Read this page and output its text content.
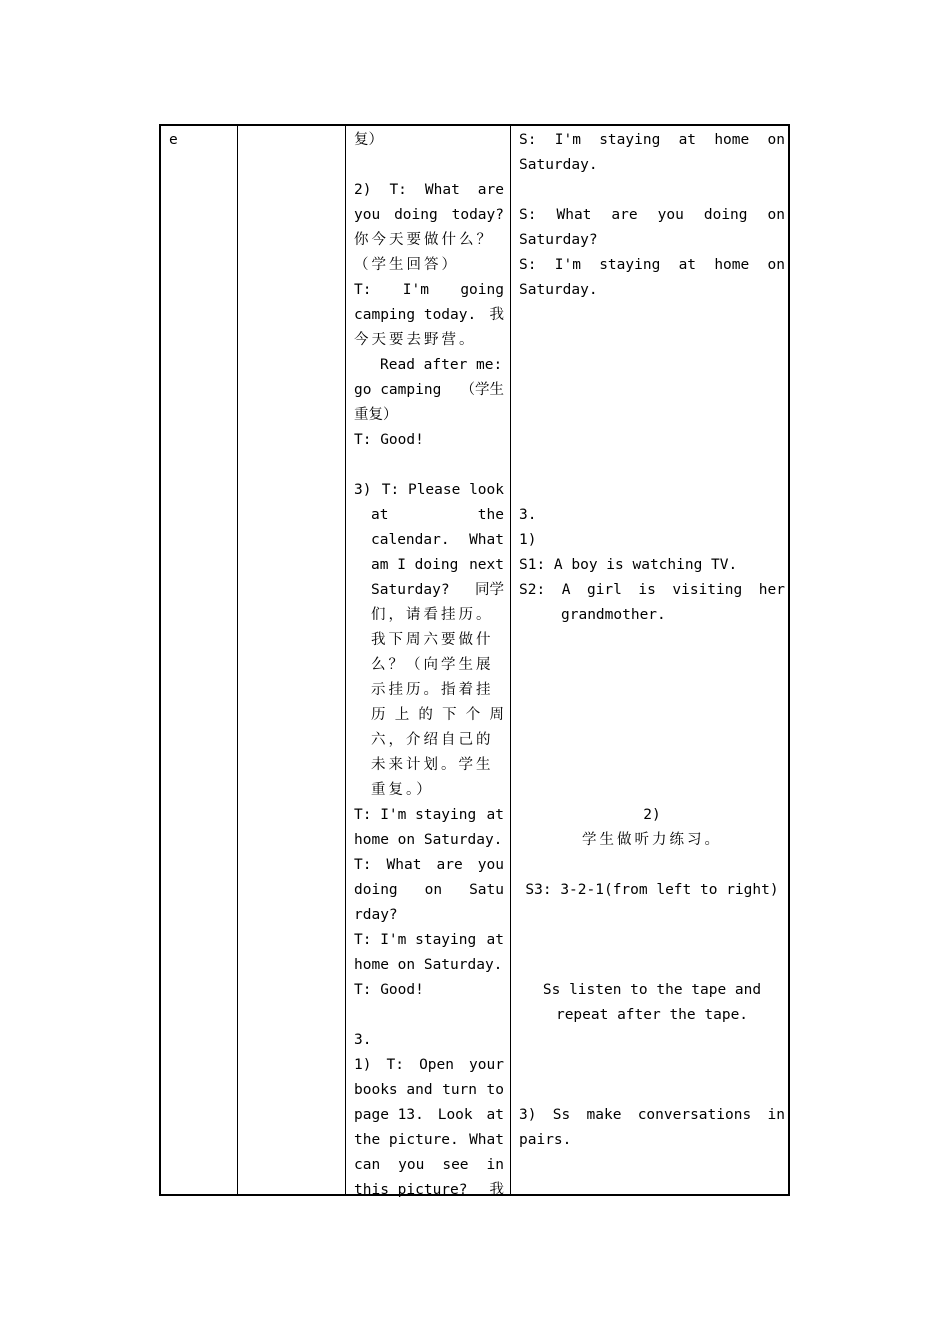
e	复）
2) T: What are
you doing today?
你今天要做什么？
（学生回答）
T: I'm going
camping today. 我
今天要去野营。
Read after me:
go camping （学生
重复）
T: Good!
3) T: Please look
at	the
calendar. What
am I doing next
Saturday? 同学
们，请看挂历。
我下周六要做什
么？（向学生展
示挂历。指着挂
历 上 的 下 个 周
六，介绍自己的
未来计划。学生
重复。）
T: I'm staying at
home on Saturday.
T: What are you
doing on Satu
rday?
T: I'm staying at
home on Saturday.
T: Good!
3.
1) T: Open your
books and turn to
page 13. Look at
the picture. What
can you see in
this picture? 我
S: I'm staying at home on
Saturday.
S: What are you doing on
Saturday?
S: I'm staying at home on
Saturday.
3.
1)
S1: A boy is watching TV.
S2: A girl is visiting her
grandmother.
2)
学生做听力练习。
S3: 3-2-1(from left to right)
Ss listen to the tape and
repeat after the tape.
3) Ss make conversations in
pairs.
